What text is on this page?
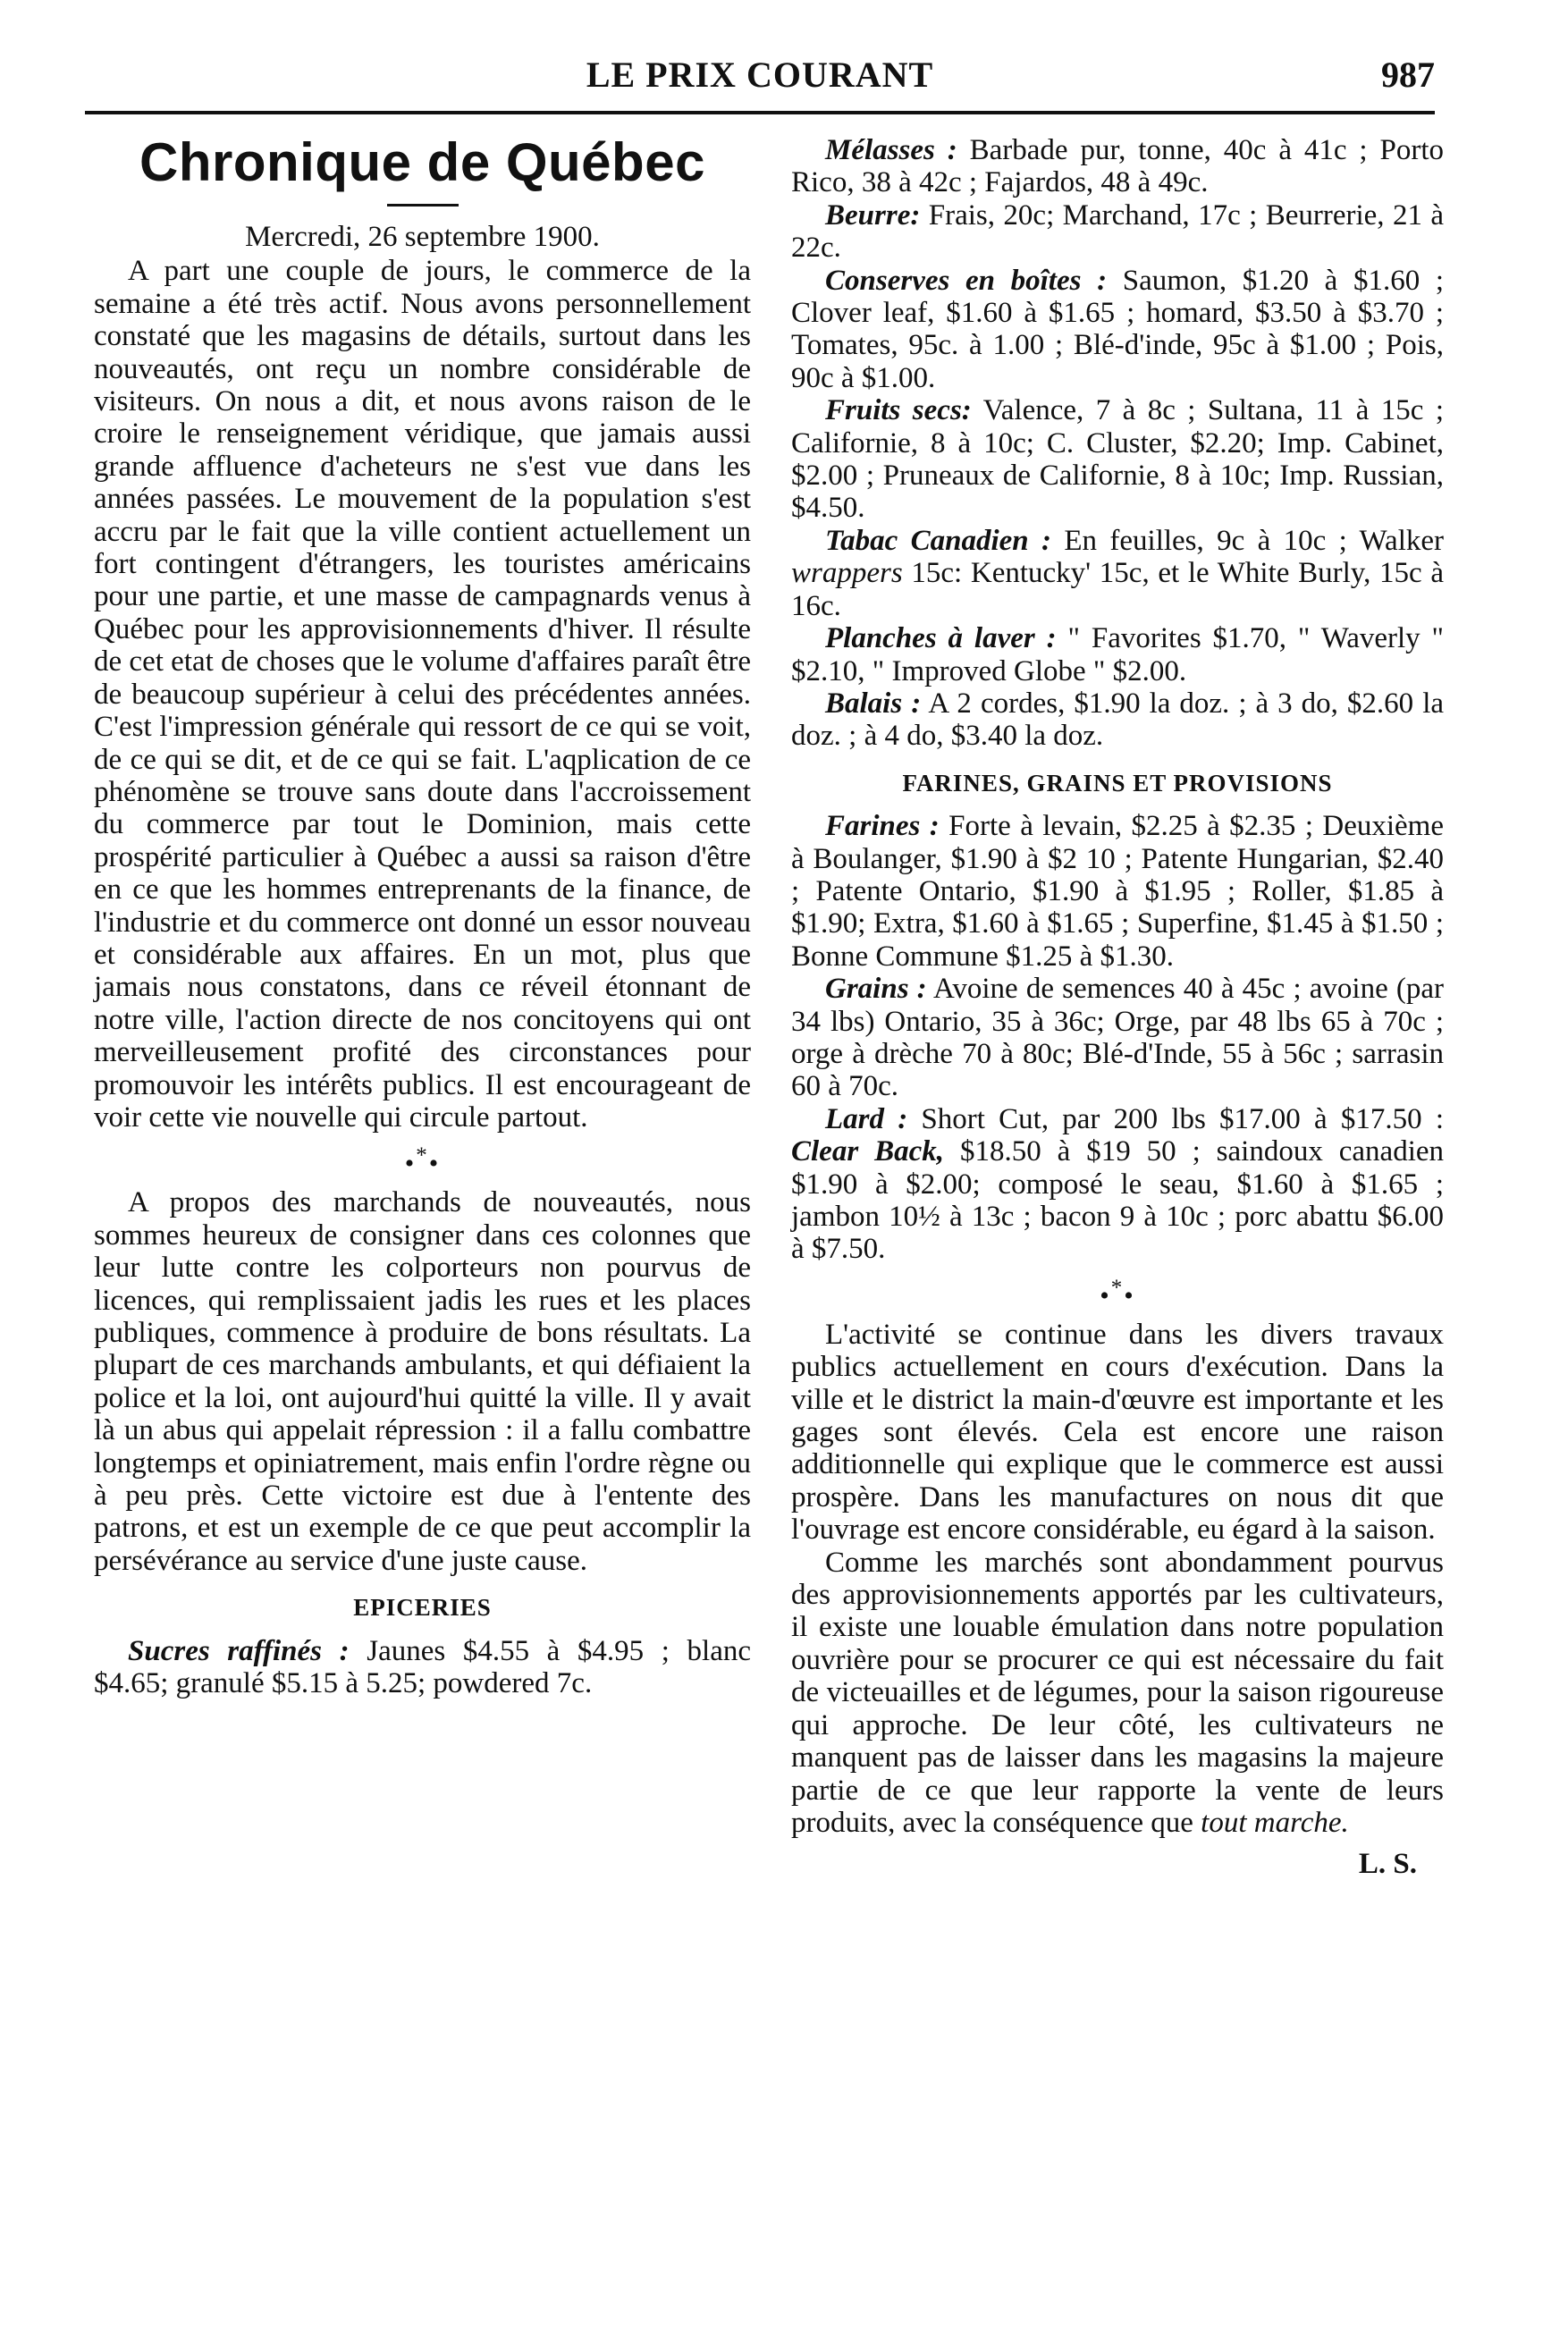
LE PRIX COURANT	987
Chronique de Québec

Mercredi, 26 septembre 1900.

A part une couple de jours, le commerce de la semaine a été très actif. Nous avons personnellement constaté que les magasins de détails, surtout dans les nouveautés, ont reçu un nombre considérable de visiteurs. On nous a dit, et nous avons raison de le croire le renseignement véridique, que jamais aussi grande affluence d'acheteurs ne s'est vue dans les années passées. Le mouvement de la population s'est accru par le fait que la ville contient actuellement un fort contingent d'étrangers, les touristes américains pour une partie, et une masse de campagnards venus à Québec pour les approvisionnements d'hiver. Il résulte de cet etat de choses que le volume d'affaires paraît être de beaucoup supérieur à celui des précédentes années. C'est l'impression générale qui ressort de ce qui se voit, de ce qui se dit, et de ce qui se fait. L'aqplication de ce phénomène se trouve sans doute dans l'accroissement du commerce par tout le Dominion, mais cette prospérité particulier à Québec a aussi sa raison d'être en ce que les hommes entreprenants de la finance, de l'industrie et du commerce ont donné un essor nouveau et considérable aux affaires. En un mot, plus que jamais nous constatons, dans ce réveil étonnant de notre ville, l'action directe de nos concitoyens qui ont merveilleusement profité des circonstances pour promouvoir les intérêts publics. Il est encourageant de voir cette vie nouvelle qui circule partout.

•*•

A propos des marchands de nouveautés, nous sommes heureux de consigner dans ces colonnes que leur lutte contre les colporteurs non pourvus de licences, qui remplissaient jadis les rues et les places publiques, commence à produire de bons résultats. La plupart de ces marchands ambulants, et qui défiaient la police et la loi, ont aujourd'hui quitté la ville. Il y avait là un abus qui appelait répression : il a fallu combattre longtemps et opiniatrement, mais enfin l'ordre règne ou à peu près. Cette victoire est due à l'entente des patrons, et est un exemple de ce que peut accomplir la persévérance au service d'une juste cause.

EPICERIES

Sucres raffinés : Jaunes $4.55 à $4.95 ; blanc $4.65; granulé $5.15 à 5.25; powdered 7c.

Mélasses : Barbade pur, tonne, 40c à 41c ; Porto Rico, 38 à 42c ; Fajardos, 48 à 49c.

Beurre: Frais, 20c; Marchand, 17c ; Beurrerie, 21 à 22c.

Conserves en boîtes : Saumon, $1.20 à $1.60 ; Clover leaf, $1.60 à $1.65 ; homard, $3.50 à $3.70 ; Tomates, 95c. à 1.00 ; Blé-d'inde, 95c à $1.00 ; Pois, 90c à $1.00.

Fruits secs: Valence, 7 à 8c ; Sultana, 11 à 15c ; Californie, 8 à 10c; C. Cluster, $2.20; Imp. Cabinet, $2.00 ; Pruneaux de Californie, 8 à 10c; Imp. Russian, $4.50.

Tabac Canadien : En feuilles, 9c à 10c ; Walker wrappers 15c: Kentucky' 15c, et le White Burly, 15c à 16c.

Planches à laver : " Favorites $1.70, " Waverly " $2.10, " Improved Globe " $2.00.

Balais : A 2 cordes, $1.90 la doz. ; à 3 do, $2.60 la doz. ; à 4 do, $3.40 la doz.

FARINES, GRAINS ET PROVISIONS

Farines : Forte à levain, $2.25 à $2.35 ; Deuxième à Boulanger, $1.90 à $2 10 ; Patente Hungarian, $2.40 ; Patente Ontario, $1.90 à $1.95 ; Roller, $1.85 à $1.90; Extra, $1.60 à $1.65 ; Superfine, $1.45 à $1.50 ; Bonne Commune $1.25 à $1.30.

Grains : Avoine de semences 40 à 45c ; avoine (par 34 lbs) Ontario, 35 à 36c; Orge, par 48 lbs 65 à 70c ; orge à drèche 70 à 80c; Blé-d'Inde, 55 à 56c ; sarrasin 60 à 70c.

Lard : Short Cut, par 200 lbs $17.00 à $17.50 : Clear Back, $18.50 à $19 50 ; saindoux canadien $1.90 à $2.00; composé le seau, $1.60 à $1.65 ; jambon 10½ à 13c ; bacon 9 à 10c ; porc abattu $6.00 à $7.50.

•*•

L'activité se continue dans les divers travaux publics actuellement en cours d'exécution. Dans la ville et le district la main-d'œuvre est importante et les gages sont élevés. Cela est encore une raison additionnelle qui explique que le commerce est aussi prospère. Dans les manufactures on nous dit que l'ouvrage est encore considérable, eu égard à la saison.

Comme les marchés sont abondamment pourvus des approvisionnements apportés par les cultivateurs, il existe une louable émulation dans notre population ouvrière pour se procurer ce qui est nécessaire du fait de victeuailles et de légumes, pour la saison rigoureuse qui approche. De leur côté, les cultivateurs ne manquent pas de laisser dans les magasins la majeure partie de ce que leur rapporte la vente de leurs produits, avec la conséquence que tout marche.

L. S.
